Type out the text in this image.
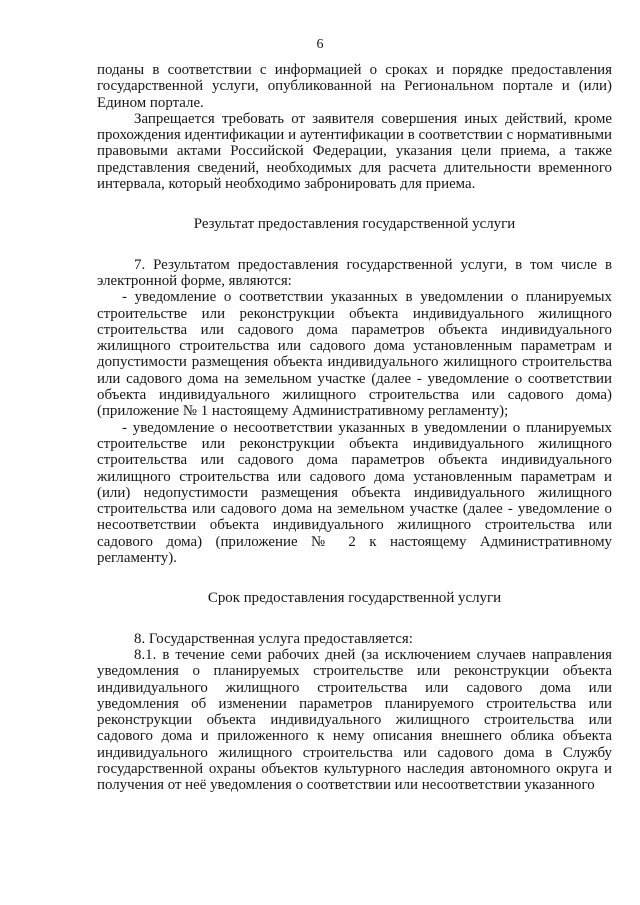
6

поданы в соответствии с информацией о сроках и порядке предоставления государственной услуги, опубликованной на Региональном портале и (или) Едином портале.

Запрещается требовать от заявителя совершения иных действий, кроме прохождения идентификации и аутентификации в соответствии с нормативными правовыми актами Российской Федерации, указания цели приема, а также представления сведений, необходимых для расчета длительности временного интервала, который необходимо забронировать для приема.

Результат предоставления государственной услуги

7. Результатом предоставления государственной услуги, в том числе в электронной форме, являются:

- уведомление о соответствии указанных в уведомлении о планируемых строительстве или реконструкции объекта индивидуального жилищного строительства или садового дома параметров объекта индивидуального жилищного строительства или садового дома установленным параметрам и допустимости размещения объекта индивидуального жилищного строительства или садового дома на земельном участке (далее - уведомление о соответствии объекта индивидуального жилищного строительства или садового дома) (приложение № 1 настоящему Административному регламенту);

- уведомление о несоответствии указанных в уведомлении о планируемых строительстве или реконструкции объекта индивидуального жилищного строительства или садового дома параметров объекта индивидуального жилищного строительства или садового дома установленным параметрам и (или) недопустимости размещения объекта индивидуального жилищного строительства или садового дома на земельном участке (далее - уведомление о несоответствии объекта индивидуального жилищного строительства или садового дома) (приложение № 2 к настоящему Административному регламенту).

Срок предоставления государственной услуги

8. Государственная услуга предоставляется:

8.1. в течение семи рабочих дней (за исключением случаев направления уведомления о планируемых строительстве или реконструкции объекта индивидуального жилищного строительства или садового дома или уведомления об изменении параметров планируемого строительства или реконструкции объекта индивидуального жилищного строительства или садового дома и приложенного к нему описания внешнего облика объекта индивидуального жилищного строительства или садового дома в Службу государственной охраны объектов культурного наследия автономного округа и получения от неё уведомления о соответствии или несоответствии указанного
